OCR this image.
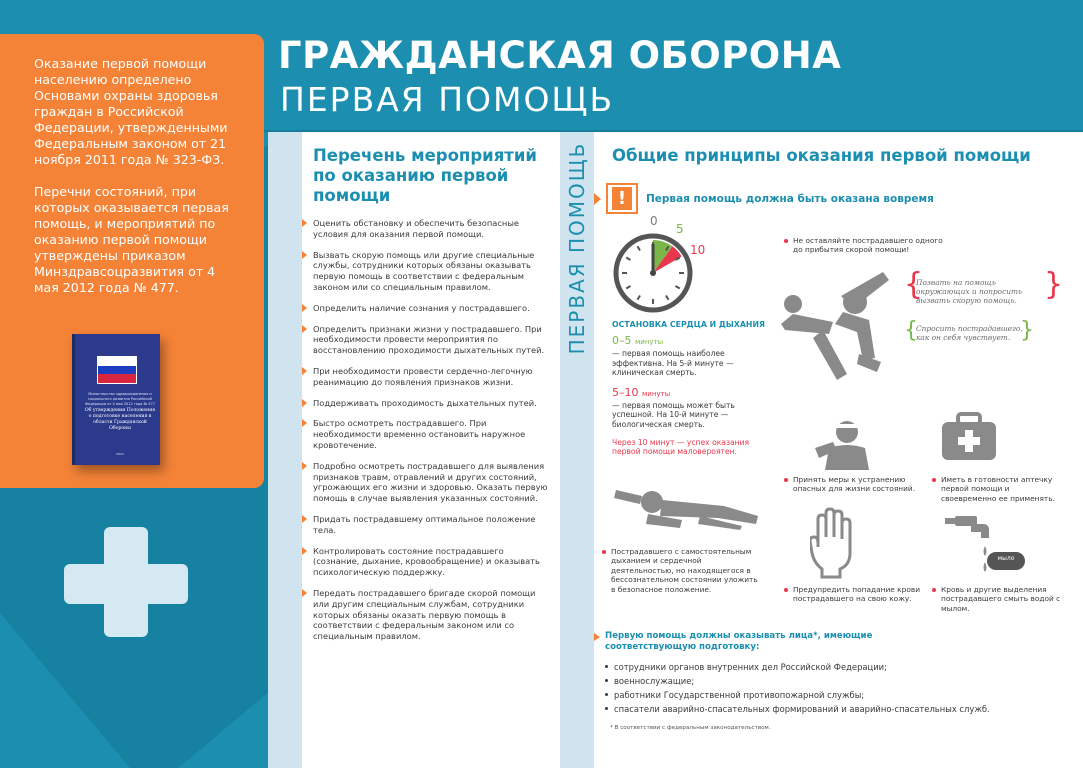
Оказание первой помощи населению определено Основами охраны здоровья граждан в Российской Федерации, утвержденными Федеральным законом от 21 ноября 2011 года № 323-ФЗ.

Перечни состояний, при которых оказывается первая помощь, и мероприятий по оказанию первой помощи утверждены приказом Минздравсоцразвития от 4 мая 2012 года № 477.

Министерство здравоохранения и социального развития Российской Федерации от 4 мая 2012 года № 477
Об утверждении Положения о подготовке населения в области Гражданской Обороны
2012
ГРАЖДАНСКАЯ ОБОРОНА
ПЕРВАЯ ПОМОЩЬ
Перечень мероприятий по оказанию первой помощи
Оценить обстановку и обеспечить безопасные условия для оказания первой помощи.
Вызвать скорую помощь или другие специальные службы, сотрудники которых обязаны оказывать первую помощь в соответствии с федеральным законом или со специальным правилом.
Определить наличие сознания у пострадавшего.
Определить признаки жизни у пострадавшего. При необходимости провести мероприятия по восстановлению проходимости дыхательных путей.
При необходимости провести сердечно-легочную реанимацию до появления признаков жизни.
Поддерживать проходимость дыхательных путей.
Быстро осмотреть пострадавшего. При необходимости временно остановить наружное кровотечение.
Подробно осмотреть пострадавшего для выявления признаков травм, отравлений и других состояний, угрожающих его жизни и здоровью. Оказать первую помощь в случае выявления указанных состояний.
Придать пострадавшему оптимальное положение тела.
Контролировать состояние пострадавшего (сознание, дыхание, кровообращение) и оказывать психологическую поддержку.
Передать пострадавшего бригаде скорой помощи или другим специальным службам, сотрудники которых обязаны оказать первую помощь в соответствии с федеральным законом или со специальным правилом.
ПЕРВАЯ ПОМОЩЬ Общие принципы оказания первой помощи
!	Первая помощь должна быть оказана вовремя
0
5
10
ОСТАНОВКА СЕРДЦА И ДЫХАНИЯ
0–5 минуты
— первая помощь наиболее эффективна. На 5-й минуте — клиническая смерть.
5–10 минуты
— первая помощь может быть успешной. На 10-й минуте — биологическая смерть.
Через 10 минут — успех оказания первой помощи маловероятен.
Не оставляйте пострадавшего одного до прибытия скорой помощи!
{
Позвать на помощь окружающих и попросить вызвать скорую помощь. }
{
Спросить пострадавшего, как он себя чувствует. }
Принять меры к устранению опасных для жизни состояний.
Иметь в готовности аптечку первой помощи и своевременно ее применять.
Пострадавшего с самостоятельным дыханием и сердечной деятельностью, но находящегося в бессознательном состоянии уложить в безопасное положение.
мыло
Предупредить попадание крови пострадавшего на свою кожу.
Кровь и другие выделения пострадавшего смыть водой с мылом.
Первую помощь должны оказывать лица*, имеющие соответствующую подготовку:
сотрудники органов внутренних дел Российской Федерации;
военнослужащие;
работники Государственной противопожарной службы;
спасатели аварийно-спасательных формирований и аварийно-спасательных служб.
* В соответствии с федеральным законодательством.
